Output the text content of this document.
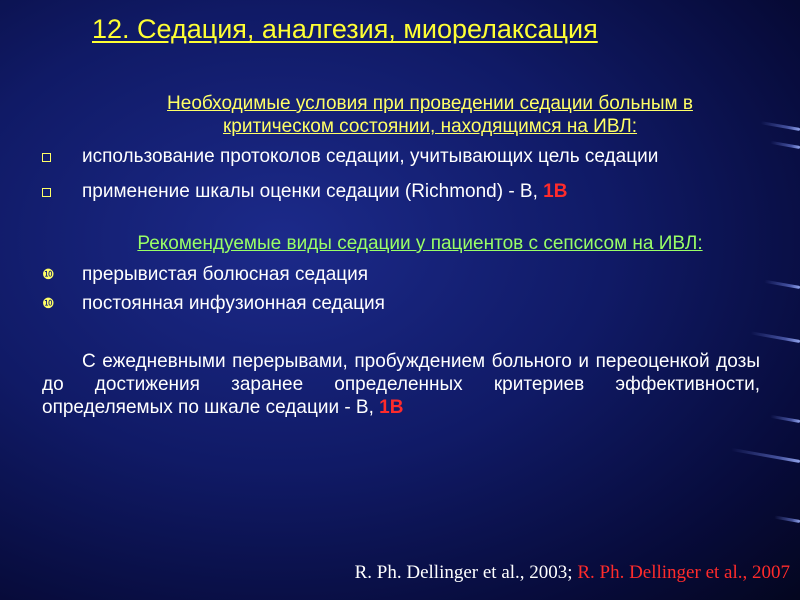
12. Седация, аналгезия, миорелаксация
Необходимые условия при проведении седации больным в критическом состоянии, находящимся на ИВЛ:
использование протоколов седации, учитывающих цель седации
применение шкалы оценки седации (Richmond) - В, 1В
Рекомендуемые виды седации у пациентов с сепсисом на ИВЛ:
❿	прерывистая болюсная седация
❿	постоянная инфузионная седация
С ежедневными перерывами, пробуждением больного и переоценкой дозы до достижения заранее определенных критериев эффективности, определяемых по шкале седации - В, 1В
R. Ph. Dellinger et al., 2003; R. Ph. Dellinger et al., 2007
